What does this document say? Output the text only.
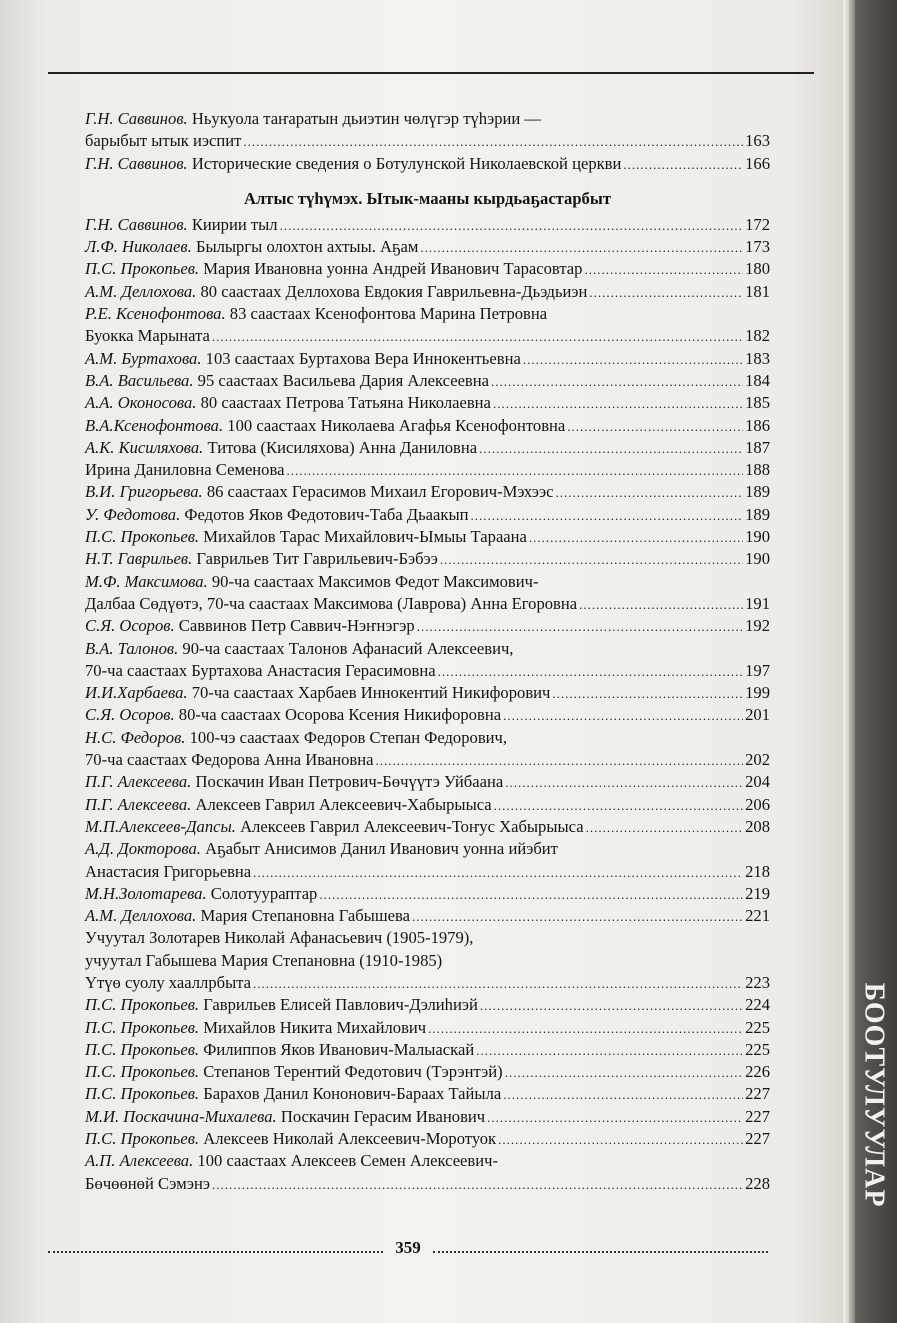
Г.Н. Саввинов.
Ньукуола таҥаратын дьиэтин чөлүгэр түһэрии —
барыбыт ытык иэспит .....	163
Г.Н. Саввинов.
Исторические сведения о Ботулунской Николаевской церкви .....	166
Алтыс түһүмэх. Ытык-мааны кырдьаҕастарбыт
Г.Н. Саввинов.
Киирии тыл .....	172
Л.Ф. Николаев.
Былыргы олохтон ахтыы. Аҕам .....	173
П.С. Прокопьев.
Мария Ивановна уонна Андрей Иванович Тарасовтар .....	180
А.М. Деллохова.
80 саастаах Деллохова Евдокия Гаврильевна-Дьэдьиэн .....	181
Р.Е. Ксенофонтова.
83 саастаах Ксенофонтова Марина Петровна
Буокка Марыната .....	182
А.М. Буртахова.
103 саастаах Буртахова Вера Иннокентьевна .....	183
В.А. Васильева.
95 саастаах Васильева Дария Алексеевна .....	184
А.А. Оконосова.
80 саастаах Петрова Татьяна Николаевна .....	185
В.А.Ксенофонтова.
100 саастаах Николаева Агафья Ксенофонтовна .....	186
А.К. Кисиляхова.
Титова (Кисиляхова) Анна Даниловна .....	187
Ирина Даниловна Семенова .....	188
В.И. Григорьева.
86 саастаах Герасимов Михаил Егорович-Мэхээс .....	189
У. Федотова.
Федотов Яков Федотович-Таба Дьаакып .....	189
П.С. Прокопьев.
Михайлов Тарас Михайлович-Ымыы Тараана .....	190
Н.Т. Гаврильев.
Гаврильев Тит Гаврильевич-Бэбээ .....	190
М.Ф. Максимова.
90-ча саастаах Максимов Федот Максимович-
Далбаа Сөдүөтэ, 70-ча саастаах Максимова (Лаврова) Анна Егоровна .....	191
С.Я. Осоров.
Саввинов Петр Саввич-Нэҥнэгэр .....	192
В.А. Талонов.
90-ча саастаах Талонов Афанасий Алексеевич,
70-ча саастаах Буртахова Анастасия Герасимовна .....	197
И.И.Харбаева.
70-ча саастаах Харбаев Иннокентий Никифорович .....	199
С.Я. Осоров.
80-ча саастаах Осорова Ксения Никифоровна .....	201
Н.С. Федоров.
100-чэ саастаах Федоров Степан Федорович,
70-ча саастаах Федорова Анна Ивановна .....	202
П.Г. Алексеева.
Поскачин Иван Петрович-Бөчүүтэ Уйбаана .....	204
П.Г. Алексеева.
Алексеев Гаврил Алексеевич-Хабырыыса .....	206
М.П.Алексеев-Дапсы.
Алексеев Гаврил Алексеевич-Тоҥус Хабырыыса .....	208
А.Д. Докторова.
Аҕабыт Анисимов Данил Иванович уонна ийэбит
Анастасия Григорьевна .....	218
М.Н.Золотарева.
Солотуураптар .....	219
А.М. Деллохова.
Мария Степановна Габышева .....	221
Учуутал Золотарев Николай Афанасьевич (1905-1979),
учуутал Габышева Мария Степановна (1910-1985)
Үтүө суолу хааллрбыта .....	223
П.С. Прокопьев.
Гаврильев Елисей Павлович-Дэлиһиэй .....	224
П.С. Прокопьев.
Михайлов Никита Михайлович .....	225
П.С. Прокопьев.
Филиппов Яков Иванович-Малыаскай .....	225
П.С. Прокопьев.
Степанов Терентий Федотович (Тэрэнтэй) .....	226
П.С. Прокопьев.
Барахов Данил Кононович-Бараах Тайыла .....	227
М.И. Поскачина-Михалева.
Поскачин Герасим Иванович .....	227
П.С. Прокопьев.
Алексеев Николай Алексеевич-Моротуок .....	227
А.П. Алексеева.
100 саастаах Алексеев Семен Алексеевич-
Бөчөөнөй Сэмэнэ .....	228
359
БООТУЛУУЛАР
